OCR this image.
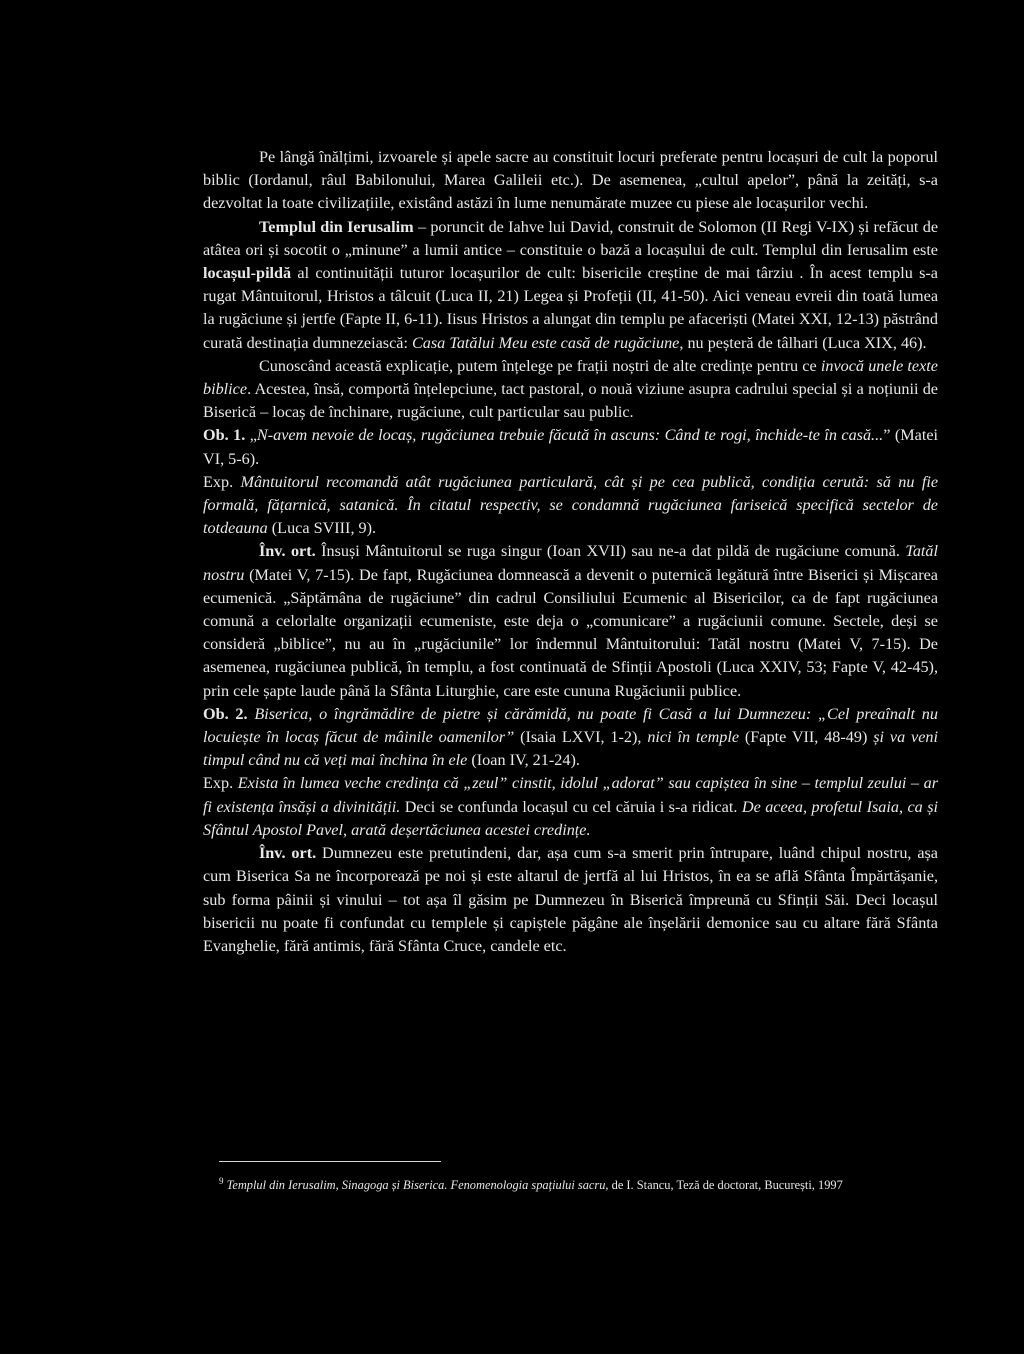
Pe lângă înălțimi, izvoarele și apele sacre au constituit locuri preferate pentru locașuri de cult la poporul biblic (Iordanul, râul Babilonului, Marea Galileii etc.). De asemenea, „cultul apelor”, până la zeități, s-a dezvoltat la toate civilizațiile, existând astăzi în lume nenumărate muzee cu piese ale locașurilor vechi.

Templul din Ierusalim – poruncit de Iahve lui David, construit de Solomon (II Regi V-IX) și refăcut de atâtea ori și socotit o „minune” a lumii antice – constituie o bază a locașului de cult. Templul din Ierusalim este locașul-pildă al continuității tuturor locașurilor de cult: bisericile creștine de mai târziu . În acest templu s-a rugat Mântuitorul, Hristos a tâlcuit (Luca II, 21) Legea și Profeții (II, 41-50). Aici veneau evreii din toată lumea la rugăciune și jertfe (Fapte II, 6-11). Iisus Hristos a alungat din templu pe afaceriști (Matei XXI, 12-13) păstrând curată destinația dumnezeiască: Casa Tatălui Meu este casă de rugăciune, nu peșteră de tâlhari (Luca XIX, 46).

Cunoscând această explicație, putem înțelege pe frații noștri de alte credințe pentru ce invocă unele texte biblice. Acestea, însă, comportă înțelepciune, tact pastoral, o nouă viziune asupra cadrului special și a noțiunii de Biserică – locaș de închinare, rugăciune, cult particular sau public.

Ob. 1. „N-avem nevoie de locaș, rugăciunea trebuie făcută în ascuns: Când te rogi, închide-te în casă...” (Matei VI, 5-6).

Exp. Mântuitorul recomandă atât rugăciunea particulară, cât și pe cea publică, condiția cerută: să nu fie formală, fățarnică, satanică. În citatul respectiv, se condamnă rugăciunea fariseică specifică sectelor de totdeauna (Luca SVIII, 9).

Înv. ort. Însuși Mântuitorul se ruga singur (Ioan XVII) sau ne-a dat pildă de rugăciune comună. Tatăl nostru (Matei V, 7-15). De fapt, Rugăciunea domnească a devenit o puternică legătură între Biserici și Mișcarea ecumenică. „Săptămâna de rugăciune” din cadrul Consiliului Ecumenic al Bisericilor, ca de fapt rugăciunea comună a celorlalte organizații ecumeniste, este deja o „comunicare” a rugăciunii comune. Sectele, deși se consideră „biblice”, nu au în „rugăciunile” lor îndemnul Mântuitorului: Tatăl nostru (Matei V, 7-15). De asemenea, rugăciunea publică, în templu, a fost continuată de Sfinții Apostoli (Luca XXIV, 53; Fapte V, 42-45), prin cele șapte laude până la Sfânta Liturghie, care este cununa Rugăciunii publice.

Ob. 2. Biserica, o îngrămădire de pietre și cărămidă, nu poate fi Casă a lui Dumnezeu: „Cel preaînalt nu locuiește în locaș făcut de mâinile oamenilor” (Isaia LXVI, 1-2), nici în temple (Fapte VII, 48-49) și va veni timpul când nu că veți mai închina în ele (Ioan IV, 21-24).

Exp. Exista în lumea veche credința că „zeul” cinstit, idolul „adorat” sau capiștea în sine – templul zeului – ar fi existența însăși a divinității. Deci se confunda locașul cu cel căruia i s-a ridicat. De aceea, profetul Isaia, ca și Sfântul Apostol Pavel, arată deșertăciunea acestei credințe.

Înv. ort. Dumnezeu este pretutindeni, dar, așa cum s-a smerit prin întrupare, luând chipul nostru, așa cum Biserica Sa ne încorporează pe noi și este altarul de jertfă al lui Hristos, în ea se află Sfânta Împărtășanie, sub forma pâinii și vinului – tot așa îl găsim pe Dumnezeu în Biserică împreună cu Sfinții Săi. Deci locașul bisericii nu poate fi confundat cu templele și capiștele păgâne ale înșelării demonice sau cu altare fără Sfânta Evanghelie, fără antimis, fără Sfânta Cruce, candele etc.

$^9$ Templul din Ierusalim, Sinagoga și Biserica. Fenomenologia spațiului sacru, de I. Stancu, Teză de doctorat, București, 1997
